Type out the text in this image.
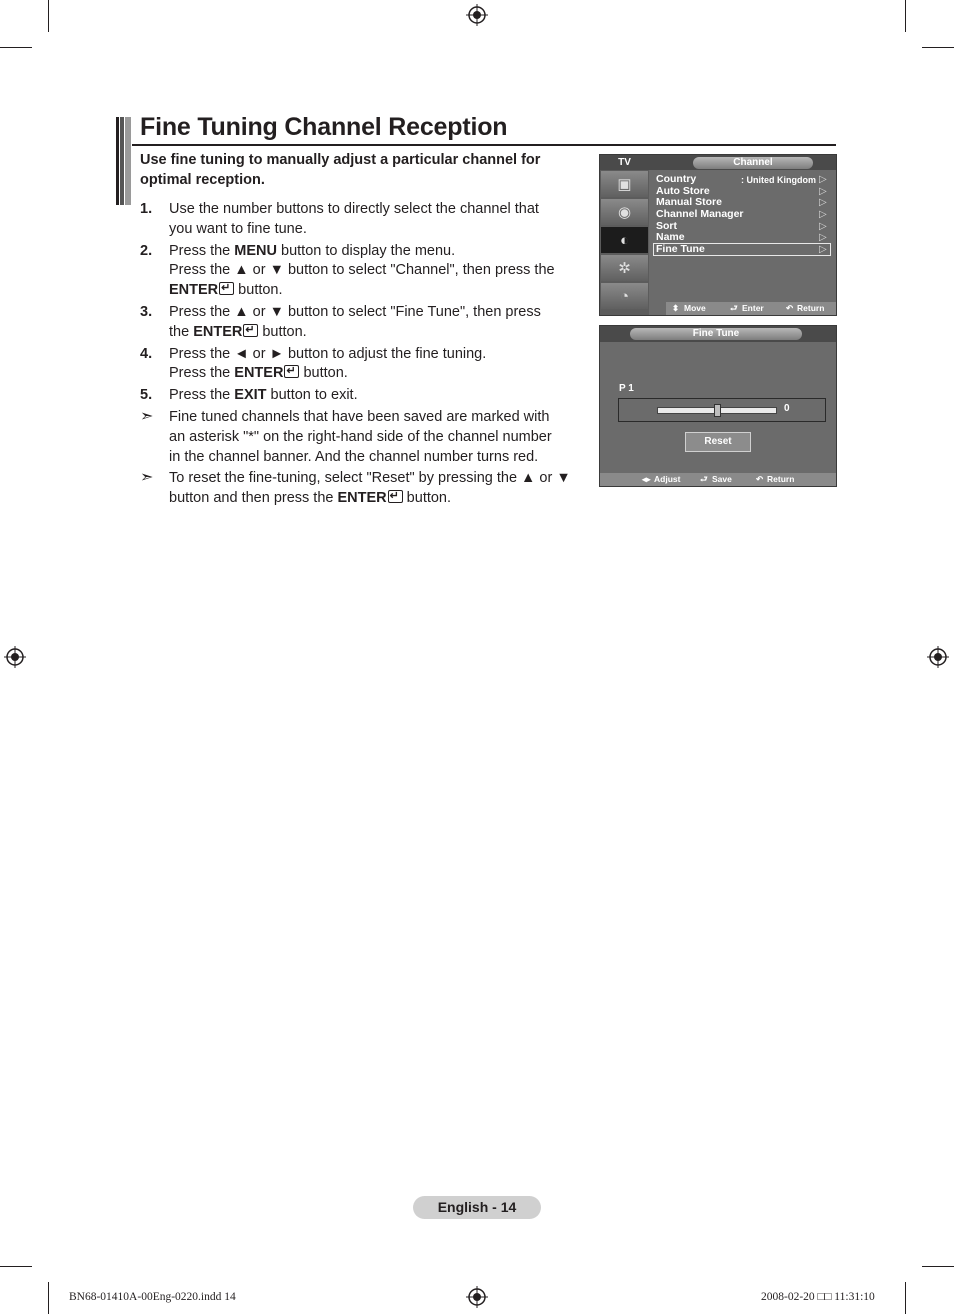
Fine Tuning Channel Reception
Use fine tuning to manually adjust a particular channel for optimal reception.
1. Use the number buttons to directly select the channel that
you want to fine tune.
2. Press the MENU button to display the menu.
Press the ▲ or ▼ button to select "Channel", then press the
ENTER↵ button.
3. Press the ▲ or ▼ button to select "Fine Tune", then press
the ENTER↵ button.
4. Press the ◄ or ► button to adjust the fine tuning.
Press the ENTER↵ button.
5. Press the EXIT button to exit.
➣ Fine tuned channels that have been saved are marked with
an asterisk "*" on the right-hand side of the channel number
in the channel banner. And the channel number turns red.
➣ To reset the fine-tuning, select "Reset" by pressing the ▲ or ▼
button and then press the ENTER↵ button.
TV	Channel
▣
◉
◐
✲
◔
Country	: United Kingdom
Auto Store
Manual Store
Channel Manager
Sort
Name
Fine Tune
▷
▷
▷
▷
▷
▷
▷
⬍ Move	⮐ Enter	↶ Return
Fine Tune
P 1
0
Reset
◂▸ Adjust ⮐ Save	↶ Return
English - 14
BN68-01410A-00Eng-0220.indd 14	2008-02-20 □□ 11:31:10
